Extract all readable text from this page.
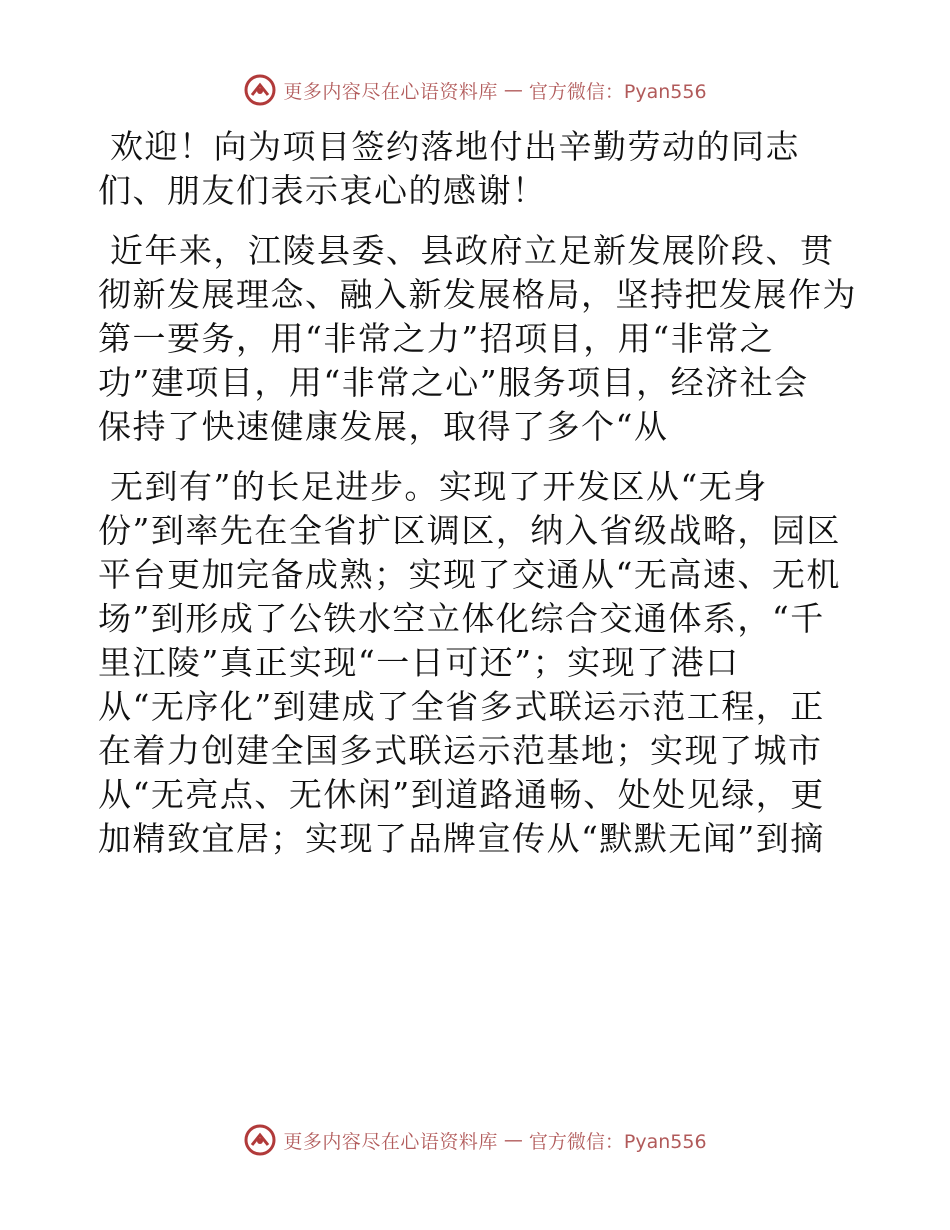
更多内容尽在心语资料库 — 官方微信：Pyan556
欢迎！向为项目签约落地付出辛勤劳动的同志
们、朋友们表示衷心的感谢！
近年来，江陵县委、县政府立足新发展阶段、贯
彻新发展理念、融入新发展格局，坚持把发展作为
第一要务，用“非常之力”招项目，用“非常之
功”建项目，用“非常之心”服务项目，经济社会
保持了快速健康发展，取得了多个“从
无到有”的长足进步。实现了开发区从“无身
份”到率先在全省扩区调区，纳入省级战略，园区
平台更加完备成熟；实现了交通从“无高速、无机
场”到形成了公铁水空立体化综合交通体系，“千
里江陵”真正实现“一日可还”；实现了港口
从“无序化”到建成了全省多式联运示范工程，正
在着力创建全国多式联运示范基地；实现了城市
从“无亮点、无休闲”到道路通畅、处处见绿，更
加精致宜居；实现了品牌宣传从“默默无闻”到摘
更多内容尽在心语资料库 — 官方微信：Pyan556
